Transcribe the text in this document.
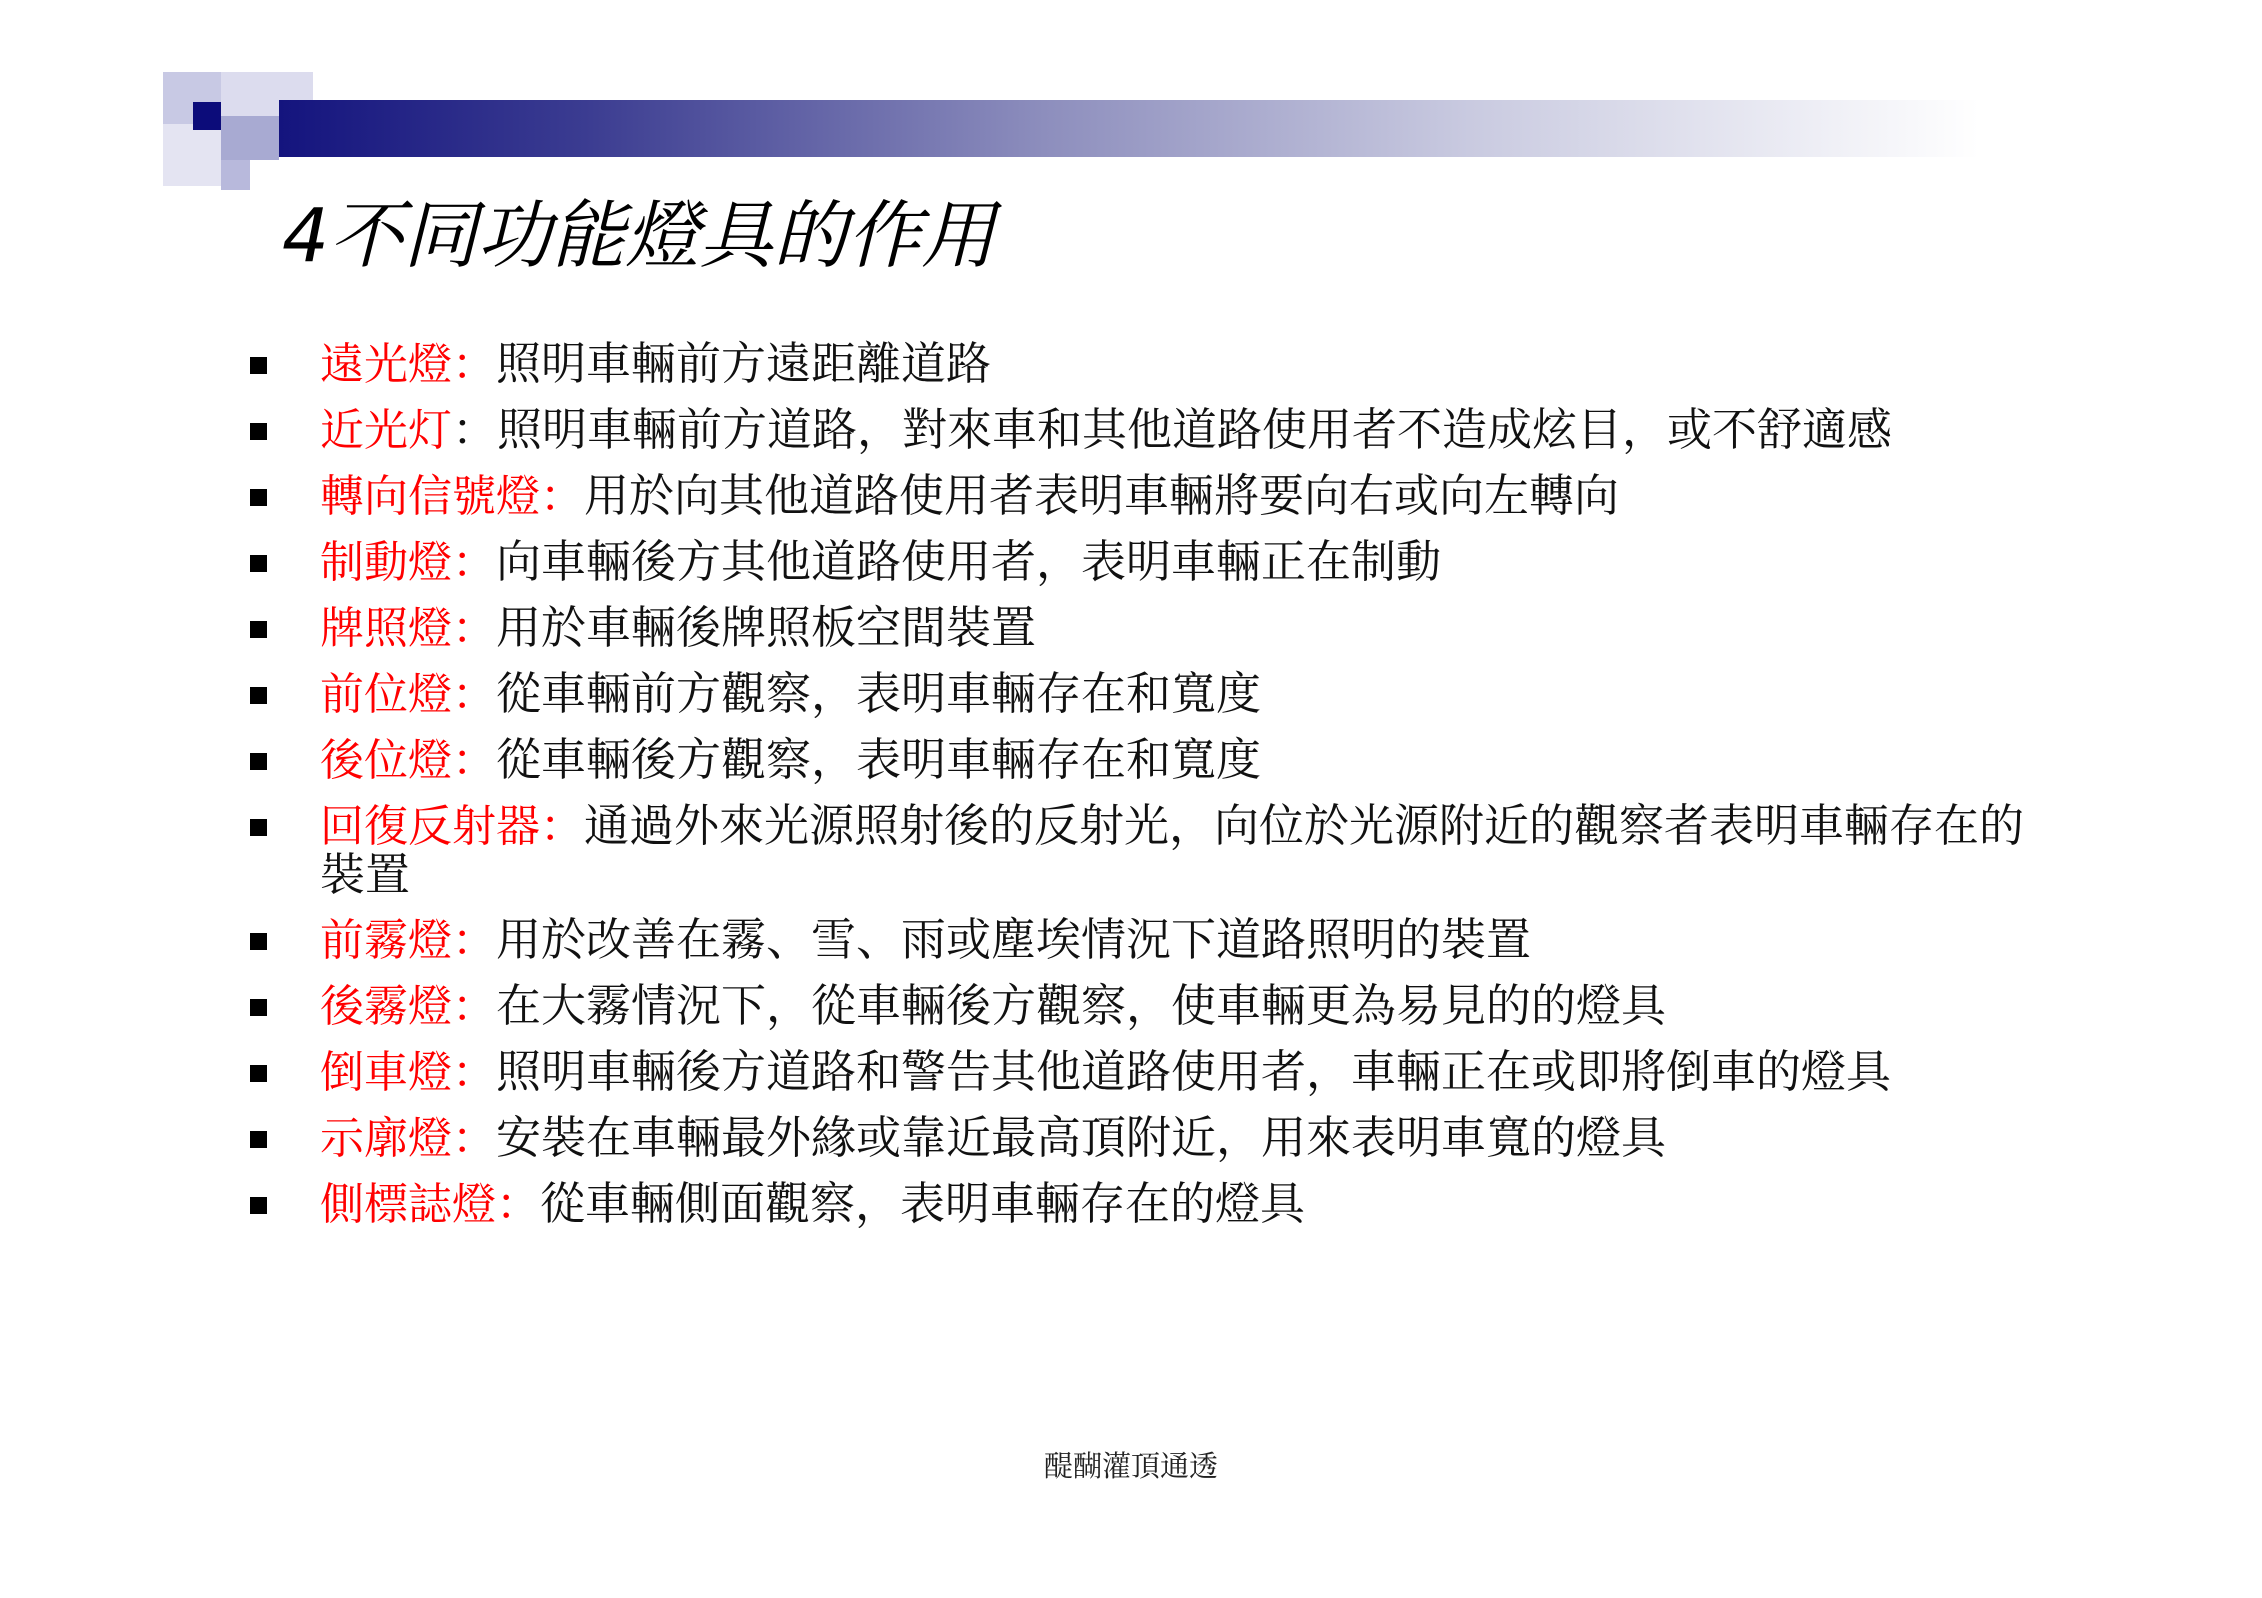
4不同功能燈具的作用
遠光燈：照明車輛前方遠距離道路
近光灯：照明車輛前方道路，對來車和其他道路使用者不造成炫目，或不舒適感
轉向信號燈：用於向其他道路使用者表明車輛將要向右或向左轉向
制動燈：向車輛後方其他道路使用者，表明車輛正在制動
牌照燈：用於車輛後牌照板空間裝置
前位燈：從車輛前方觀察，表明車輛存在和寬度
後位燈：從車輛後方觀察，表明車輛存在和寬度
回復反射器：通過外來光源照射後的反射光，向位於光源附近的觀察者表明車輛存在的裝置
前霧燈：用於改善在霧、雪、雨或塵埃情況下道路照明的裝置
後霧燈：在大霧情況下，從車輛後方觀察，使車輛更為易見的的燈具
倒車燈：照明車輛後方道路和警告其他道路使用者，車輛正在或即將倒車的燈具
示廓燈：安裝在車輛最外緣或靠近最高頂附近，用來表明車寬的燈具
側標誌燈：從車輛側面觀察，表明車輛存在的燈具
醍醐灌頂通透
